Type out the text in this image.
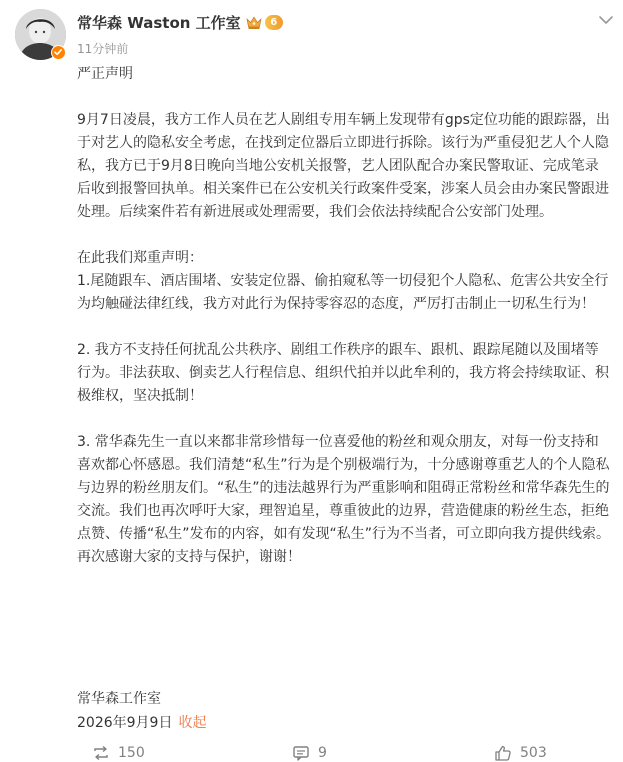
常华森 Waston 工作室	6
11分钟前

严正声明

9月7日凌晨，我方工作人员在艺人剧组专用车辆上发现带有gps定位功能的跟踪器，出于对艺人的隐私安全考虑，在找到定位器后立即进行拆除。该行为严重侵犯艺人个人隐私，我方已于9月8日晚向当地公安机关报警，艺人团队配合办案民警取证、完成笔录后收到报警回执单。相关案件已在公安机关行政案件受案，涉案人员会由办案民警跟进处理。后续案件若有新进展或处理需要，我们会依法持续配合公安部门处理。

在此我们郑重声明：

1.尾随跟车、酒店围堵、安装定位器、偷拍窥私等一切侵犯个人隐私、危害公共安全行为均触碰法律红线，我方对此行为保持零容忍的态度，严厉打击制止一切私生行为！

2. 我方不支持任何扰乱公共秩序、剧组工作秩序的跟车、跟机、跟踪尾随以及围堵等行为。非法获取、倒卖艺人行程信息、组织代拍并以此牟利的，我方将会持续取证、积极维权，坚决抵制！

3. 常华森先生一直以来都非常珍惜每一位喜爱他的粉丝和观众朋友，对每一份支持和喜欢都心怀感恩。我们清楚“私生”行为是个别极端行为，十分感谢尊重艺人的个人隐私与边界的粉丝朋友们。“私生”的违法越界行为严重影响和阻碍正常粉丝和常华森先生的交流。我们也再次呼吁大家，理智追星，尊重彼此的边界，营造健康的粉丝生态，拒绝点赞、传播“私生”发布的内容，如有发现“私生”行为不当者，可立即向我方提供线索。

再次感谢大家的支持与保护，谢谢！

常华森工作室
2026年9月9日 收起
150	9	503
